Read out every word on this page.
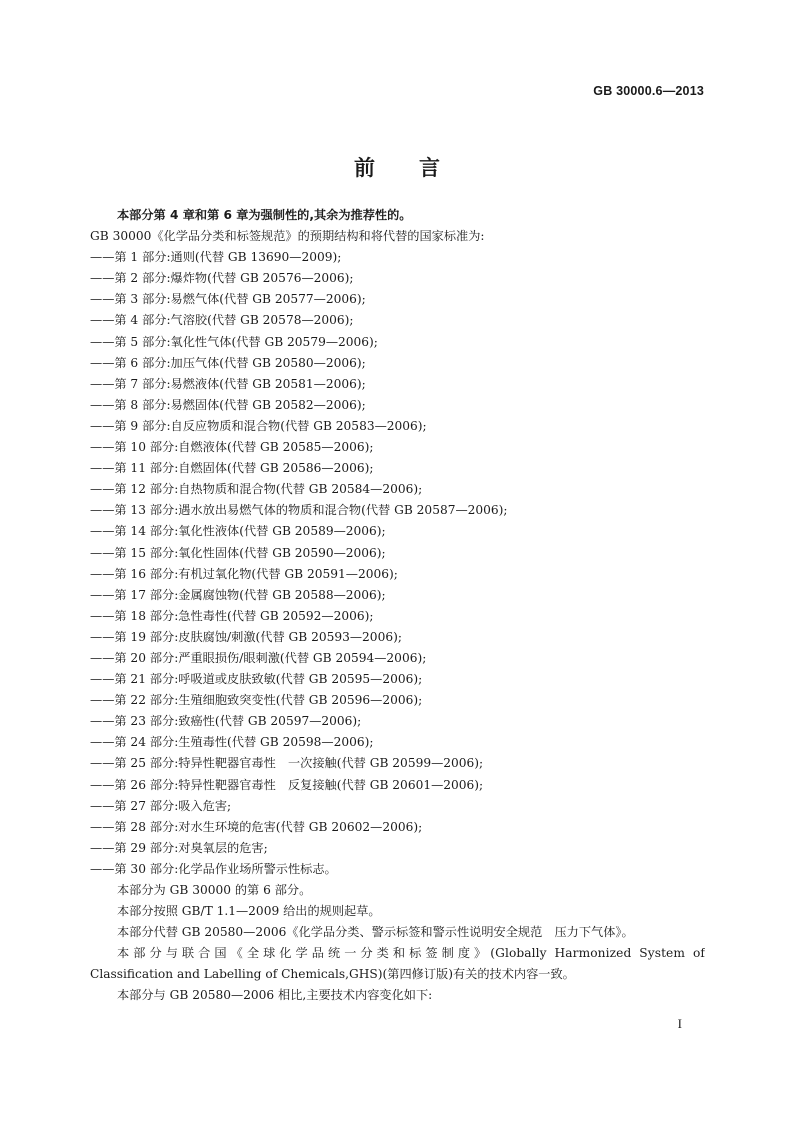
GB 30000.6—2013
前 言
本部分第 4 章和第 6 章为强制性的,其余为推荐性的。
GB 30000《化学品分类和标签规范》的预期结构和将代替的国家标准为:
——第 1 部分:通则(代替 GB 13690—2009);
——第 2 部分:爆炸物(代替 GB 20576—2006);
——第 3 部分:易燃气体(代替 GB 20577—2006);
——第 4 部分:气溶胶(代替 GB 20578—2006);
——第 5 部分:氧化性气体(代替 GB 20579—2006);
——第 6 部分:加压气体(代替 GB 20580—2006);
——第 7 部分:易燃液体(代替 GB 20581—2006);
——第 8 部分:易燃固体(代替 GB 20582—2006);
——第 9 部分:自反应物质和混合物(代替 GB 20583—2006);
——第 10 部分:自燃液体(代替 GB 20585—2006);
——第 11 部分:自燃固体(代替 GB 20586—2006);
——第 12 部分:自热物质和混合物(代替 GB 20584—2006);
——第 13 部分:遇水放出易燃气体的物质和混合物(代替 GB 20587—2006);
——第 14 部分:氧化性液体(代替 GB 20589—2006);
——第 15 部分:氧化性固体(代替 GB 20590—2006);
——第 16 部分:有机过氧化物(代替 GB 20591—2006);
——第 17 部分:金属腐蚀物(代替 GB 20588—2006);
——第 18 部分:急性毒性(代替 GB 20592—2006);
——第 19 部分:皮肤腐蚀/刺激(代替 GB 20593—2006);
——第 20 部分:严重眼损伤/眼刺激(代替 GB 20594—2006);
——第 21 部分:呼吸道或皮肤致敏(代替 GB 20595—2006);
——第 22 部分:生殖细胞致突变性(代替 GB 20596—2006);
——第 23 部分:致癌性(代替 GB 20597—2006);
——第 24 部分:生殖毒性(代替 GB 20598—2006);
——第 25 部分:特异性靶器官毒性　一次接触(代替 GB 20599—2006);
——第 26 部分:特异性靶器官毒性　反复接触(代替 GB 20601—2006);
——第 27 部分:吸入危害;
——第 28 部分:对水生环境的危害(代替 GB 20602—2006);
——第 29 部分:对臭氧层的危害;
——第 30 部分:化学品作业场所警示性标志。
本部分为 GB 30000 的第 6 部分。
本部分按照 GB/T 1.1—2009 给出的规则起草。
本部分代替 GB 20580—2006《化学品分类、警示标签和警示性说明安全规范　压力下气体》。
本部分与联合国《全球化学品统一分类和标签制度》(Globally Harmonized System of
Classification and Labelling of Chemicals,GHS)(第四修订版)有关的技术内容一致。
本部分与 GB 20580—2006 相比,主要技术内容变化如下:
I
